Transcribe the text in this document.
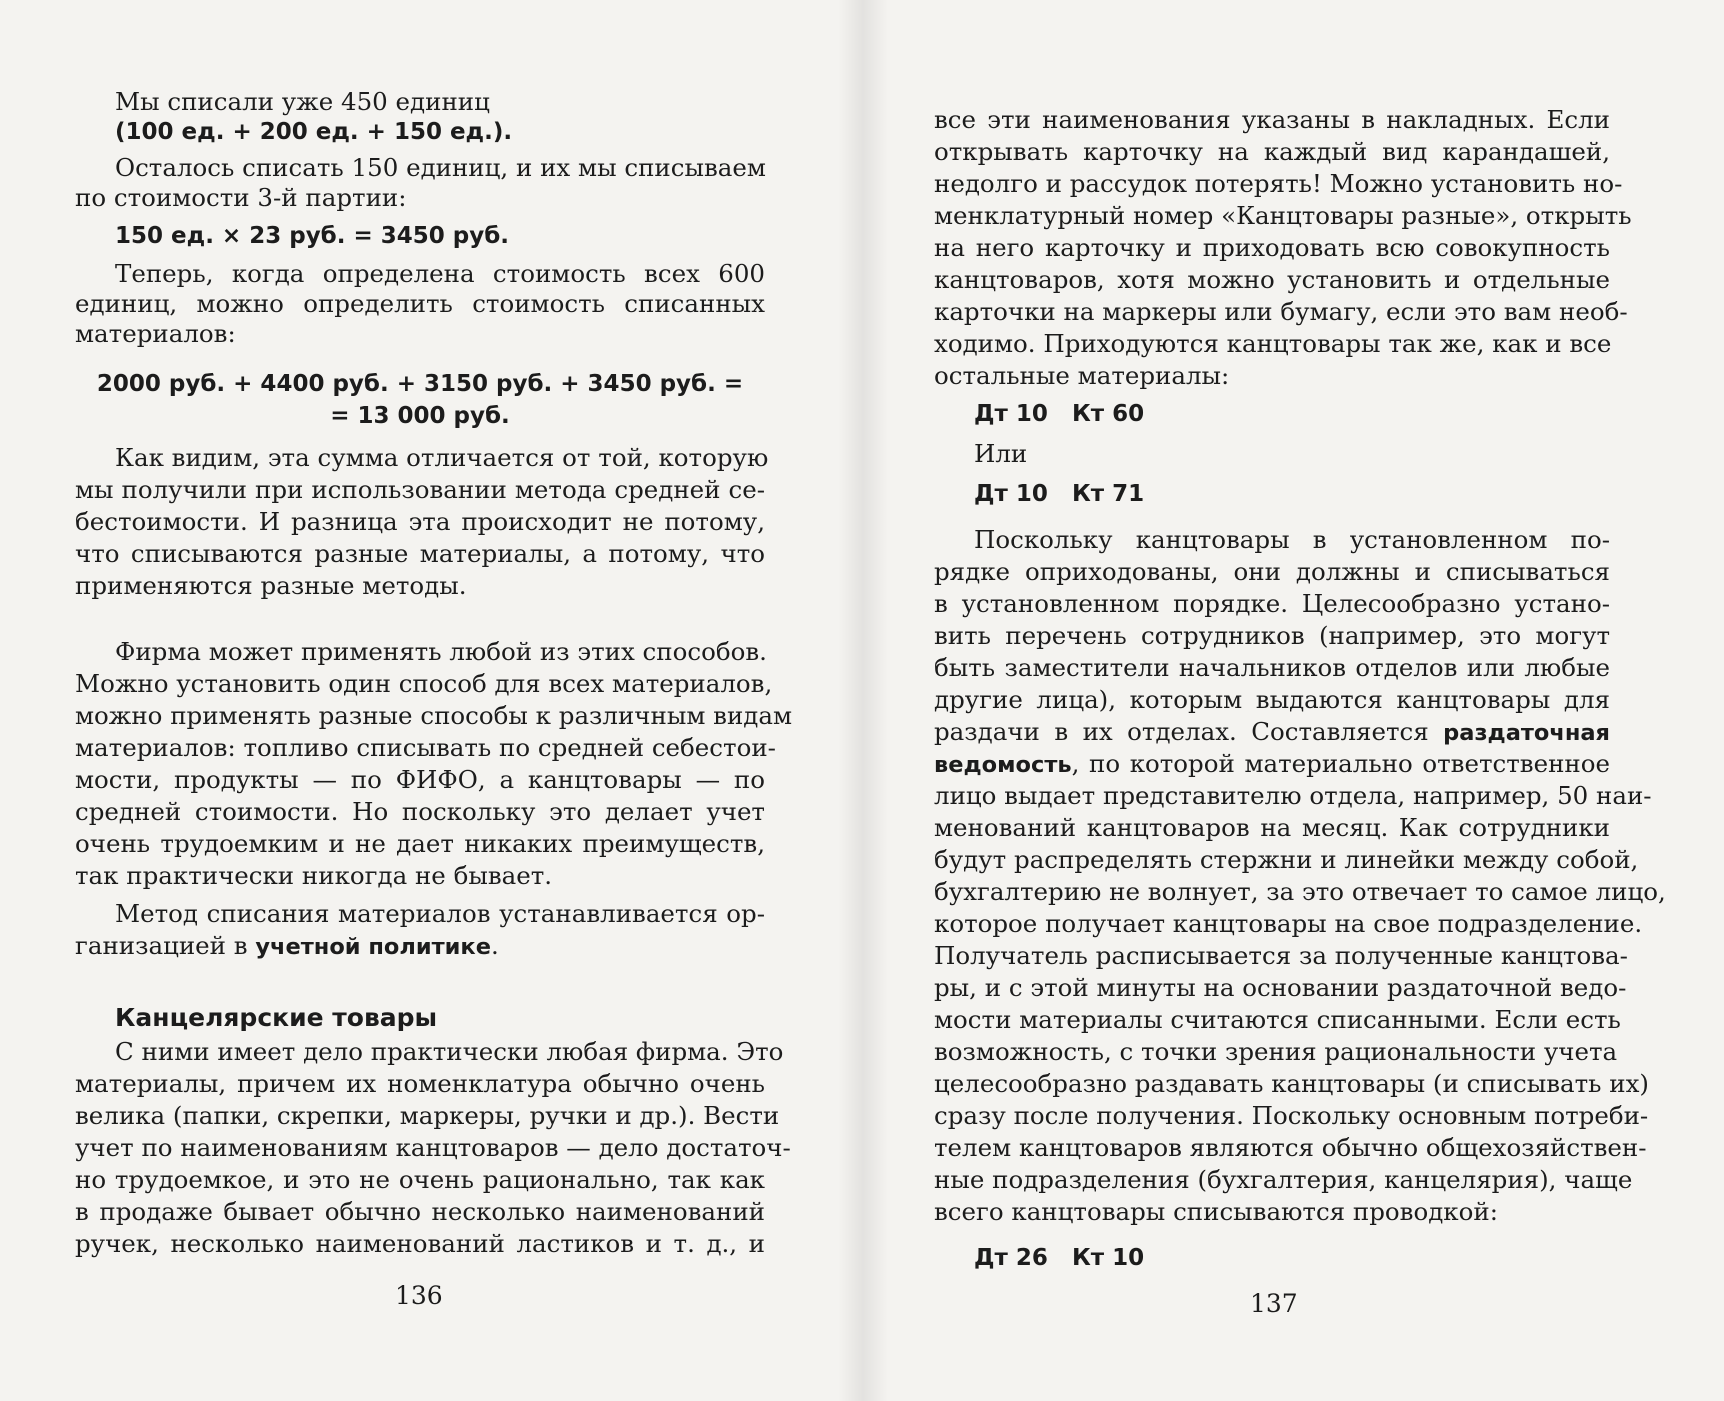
Мы списали уже 450 единиц
(100 ед. + 200 ед. + 150 ед.).
Осталось списать 150 единиц, и их мы списываем
по стоимости 3-й партии:
150 ед. × 23 руб. = 3450 руб.
Теперь, когда определена стоимость всех 600
единиц, можно определить стоимость списанных
материалов:
2000 руб. + 4400 руб. + 3150 руб. + 3450 руб. =
= 13 000 руб.
Как видим, эта сумма отличается от той, которую
мы получили при использовании метода средней се-
бестоимости. И разница эта происходит не потому,
что списываются разные материалы, а потому, что
применяются разные методы.
Фирма может применять любой из этих способов.
Можно установить один способ для всех материалов,
можно применять разные способы к различным видам
материалов: топливо списывать по средней себестои-
мости, продукты — по ФИФО, а канцтовары — по
средней стоимости. Но поскольку это делает учет
очень трудоемким и не дает никаких преимуществ,
так практически никогда не бывает.
Метод списания материалов устанавливается ор-
ганизацией в учетной политике.
Канцелярские товары
С ними имеет дело практически любая фирма. Это
материалы, причем их номенклатура обычно очень
велика (папки, скрепки, маркеры, ручки и др.). Вести
учет по наименованиям канцтоваров — дело достаточ-
но трудоемкое, и это не очень рационально, так как
в продаже бывает обычно несколько наименований
ручек, несколько наименований ластиков и т. д., и
136
все эти наименования указаны в накладных. Если
открывать карточку на каждый вид карандашей,
недолго и рассудок потерять! Можно установить но-
менклатурный номер «Канцтовары разные», открыть
на него карточку и приходовать всю совокупность
канцтоваров, хотя можно установить и отдельные
карточки на маркеры или бумагу, если это вам необ-
ходимо. Приходуются канцтовары так же, как и все
остальные материалы:
Дт 10 Кт 60
Или
Дт 10 Кт 71
Поскольку канцтовары в установленном по-
рядке оприходованы, они должны и списываться
в установленном порядке. Целесообразно устано-
вить перечень сотрудников (например, это могут
быть заместители начальников отделов или любые
другие лица), которым выдаются канцтовары для
раздачи в их отделах. Составляется раздаточная
ведомость, по которой материально ответственное
лицо выдает представителю отдела, например, 50 наи-
менований канцтоваров на месяц. Как сотрудники
будут распределять стержни и линейки между собой,
бухгалтерию не волнует, за это отвечает то самое лицо,
которое получает канцтовары на свое подразделение.
Получатель расписывается за полученные канцтова-
ры, и с этой минуты на основании раздаточной ведо-
мости материалы считаются списанными. Если есть
возможность, с точки зрения рациональности учета
целесообразно раздавать канцтовары (и списывать их)
сразу после получения. Поскольку основным потреби-
телем канцтоваров являются обычно общехозяйствен-
ные подразделения (бухгалтерия, канцелярия), чаще
всего канцтовары списываются проводкой:
Дт 26 Кт 10
137
